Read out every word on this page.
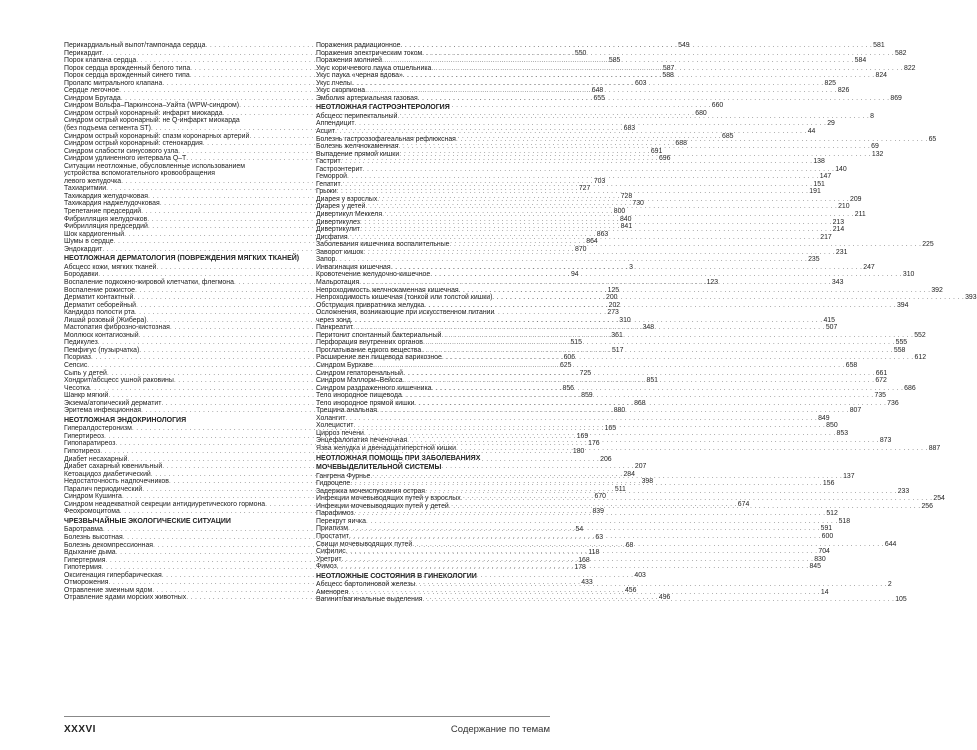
Перикардиальный выпот/тампонада сердца . . .	549
Перикардит . . .	550
Порок клапана сердца . . .	585
Порок сердца врожденный белого типа . . .	587
Порок сердца врожденный синего типа . . .	588
Пролапс митрального клапана . . .	603
Сердце легочное . . .	648
Синдром Бругада . . .	655
Синдром Вольфа–Паркинсона–Уайта (WPW-синдром) . . .	660
Синдром острый коронарный: инфаркт миокарда . . .	680
Синдром острый коронарный: не Q-инфаркт миокарда
(без подъема сегмента ST) . . .	683
Синдром острый коронарный: спазм коронарных артерий . . .	685
Синдром острый коронарный: стенокардия . . .	688
Синдром слабости синусового узла . . .	691
Синдром удлиненного интервала Q–T . . .	696
Ситуации неотложные, обусловленные использованием
устройства вспомогательного кровообращения
левого желудочка . . .	703
Тахиаритмии . . .	727
Тахикардия желудочковая . . .	728
Тахикардия наджелудочковая . . .	730
Трепетание предсердий . . .	800
Фибрилляция желудочков . . .	840
Фибрилляция предсердий . . .	841
Шок кардиогенный . . .	863
Шумы в сердце . . .	864
Эндокардит . . .	870
НЕОТЛОЖНАЯ ДЕРМАТОЛОГИЯ (ПОВРЕЖДЕНИЯ МЯГКИХ ТКАНЕЙ)
Абсцесс кожи, мягких тканей . . .	3
Бородавки . . .	94
Воспаление подкожно-жировой клетчатки, флегмона . . .	123
Воспаление рожистое . . .	125
Дерматит контактный . . .	200
Дерматит себорейный . . .	202
Кандидоз полости рта . . .	273
Лишай розовый (Жибера) . . .	310
Мастопатия фиброзно-кистозная . . .	348
Моллюск контагиозный . . .	361
Педикулез . . .	515
Пемфигус (пузырчатка) . . .	517
Псориаз . . .	606
Сепсис . . .	625
Сыпь у детей . . .	725
Хондрит/абсцесс ушной раковины . . .	851
Чесотка . . .	856
Шанкр мягкий . . .	859
Экзема/атопический дерматит . . .	868
Эритема инфекционная . . .	880
НЕОТЛОЖНАЯ ЭНДОКРИНОЛОГИЯ
Гипералдостеронизм . . .	165
Гипертиреоз . . .	169
Гипопаратиреоз . . .	176
Гипотиреоз . . .	180
Диабет несахарный . . .	206
Диабет сахарный ювенильный . . .	207
Кетоацидоз диабетический . . .	284
Недостаточность надпочечников . . .	398
Паралич периодический . . .	511
Синдром Кушинга . . .	670
Синдром неадекватной секреции антидиуретического гормона . . .	674
Феохромоцитома . . .	839
ЧРЕЗВЫЧАЙНЫЕ ЭКОЛОГИЧЕСКИЕ СИТУАЦИИ
Баротравма . . .	54
Болезнь высотная . . .	63
Болезнь декомпрессионная . . .	68
Вдыхание дыма . . .	118
Гипертермия . . .	168
Гипотермия . . .	178
Оксигенация гипербарическая . . .	403
Отморожения . . .	433
Отравление змеиным ядом . . .	456
Отравление ядами морских животных . . .	496
Поражения радиационное . . .	581
Поражения электрическим током . . .	582
Поражения молнией . . .	584
Укус коричневого паука отшельника . . .	822
Укус паука «черная вдова» . . .	824
Укус пчелы . . .	825
Укус скорпиона . . .	826
Эмболия артериальная газовая . . .	869
НЕОТЛОЖНАЯ ГАСТРОЭНТЕРОЛОГИЯ
Абсцесс перипектальный . . .	8
Аппендицит . . .	29
Асцит . . .	44
Болезнь гастроэзофагеальная рефлюксная . . .	65
Болезнь желчнокаменная . . .	69
Выпадение прямой кишки . . .	132
Гастрит . . .	138
Гастроэнтерит . . .	140
Геморрой . . .	147
Гепатит . . .	151
Грыжи . . .	191
Диарея у взрослых . . .	209
Диарея у детей . . .	210
Дивертикул Меккеля . . .	211
Дивертикулез . . .	213
Дивертикулит . . .	214
Дисфагия . . .	217
Заболевания кишечника воспалительные . . .	225
Заворот кишок . . .	231
Запор . . .	235
Инвагинация кишечная . . .	247
Кровотечение желудочно-кишечное . . .	310
Мальротация . . .	343
Непроходимость желчнокаменная кишечная . . .	392
Непроходимость кишечная (тонкой или толстой кишки) . . .	393
Обструкция привратника желудка . . .	394
Осложнения, возникающие при искусственном питании
через зонд . . .	415
Панкреатит . . .	507
Перитонит спонтанный бактериальный . . .	552
Перфорация внутренних органов . . .	555
Проглатывание едкого вещества . . .	558
Расширение вен пищевода варикозное . . .	612
Синдром Бурхаве . . .	658
Синдром гепаторенальный . . .	661
Синдром Мэллори–Вейсса . . .	672
Синдром раздраженного кишечника . . .	686
Тело инородное пищевода . . .	735
Тело инородное прямой кишки . . .	736
Трещина анальная . . .	807
Холангит . . .	849
Холецистит . . .	850
Цирроз печени . . .	853
Энцефалопатия печеночная . . .	873
Язва желудка и двенадцатиперстной кишки . . .	887
НЕОТЛОЖНАЯ ПОМОЩЬ ПРИ ЗАБОЛЕВАНИЯХ
МОЧЕВЫДЕЛИТЕЛЬНОЙ СИСТЕМЫ
Гангрена Фурнье . . .	137
Гидроцеле . . .	156
Задержка мочеиспускания острая . . .	233
Инфекции мочевыводящих путей у взрослых . . .	254
Инфекции мочевыводящих путей у детей . . .	256
Парафимоз . . .	512
Перекрут яичка . . .	518
Приапизм . . .	591
Простатит . . .	600
Свищи мочевыводящих путей . . .	644
Сифилис . . .	704
Уретрит . . .	830
Фимоз . . .	845
НЕОТЛОЖНЫЕ СОСТОЯНИЯ В ГИНЕКОЛОГИИ
Абсцесс бартолиновой железы . . .	2
Аменорея . . .	14
Вагинит/вагинальные выделения . . .	105
XXXVI	Содержание по темам
